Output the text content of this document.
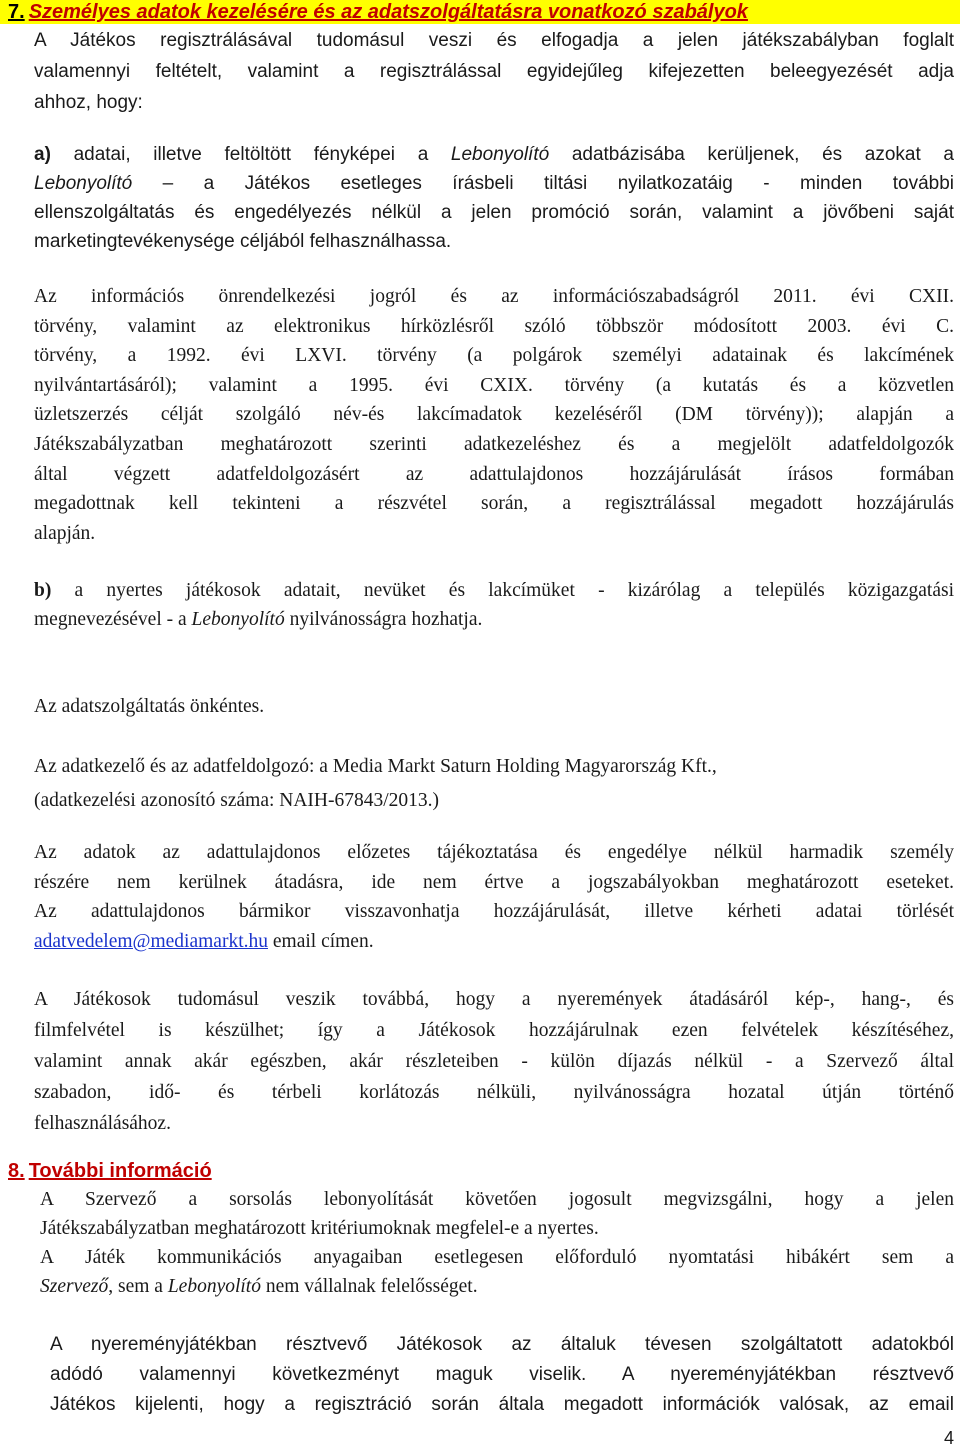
7. Személyes adatok kezelésére és az adatszolgáltatásra vonatkozó szabályok
A Játékos regisztrálásával tudomásul veszi és elfogadja a jelen játékszabályban foglalt
valamennyi feltételt, valamint a regisztrálással egyidejűleg kifejezetten beleegyezését adja
ahhoz, hogy:
a) adatai, illetve feltöltött fényképei a Lebonyolító adatbázisába kerüljenek, és azokat a
Lebonyolító – a Játékos esetleges írásbeli tiltási nyilatkozatáig - minden további
ellenszolgáltatás és engedélyezés nélkül a jelen promóció során, valamint a jövőbeni saját
marketingtevékenysége céljából felhasználhassa.
Az információs önrendelkezési jogról és az információszabadságról 2011. évi CXII.
törvény, valamint az elektronikus hírközlésről szóló többször módosított 2003. évi C.
törvény, a 1992. évi LXVI. törvény (a polgárok személyi adatainak és lakcímének
nyilvántartásáról); valamint a 1995. évi CXIX. törvény (a kutatás és a közvetlen
üzletszerzés célját szolgáló név-és lakcímadatok kezeléséről (DM törvény)); alapján a
Játékszabályzatban meghatározott szerinti adatkezeléshez és a megjelölt adatfeldolgozók
által végzett adatfeldolgozásért az adattulajdonos hozzájárulását írásos formában
megadottnak kell tekinteni a részvétel során, a regisztrálással megadott hozzájárulás
alapján.
b) a nyertes játékosok adatait, nevüket és lakcímüket - kizárólag a település közigazgatási
megnevezésével - a Lebonyolító nyilvánosságra hozhatja.
Az adatszolgáltatás önkéntes.
Az adatkezelő és az adatfeldolgozó: a Media Markt Saturn Holding Magyarország Kft.,
(adatkezelési azonosító száma: NAIH-67843/2013.)
Az adatok az adattulajdonos előzetes tájékoztatása és engedélye nélkül harmadik személy
részére nem kerülnek átadásra, ide nem értve a jogszabályokban meghatározott eseteket.
Az adattulajdonos bármikor visszavonhatja hozzájárulását, illetve kérheti adatai törlését
adatvedelem@mediamarkt.hu email címen.
A Játékosok tudomásul veszik továbbá, hogy a nyeremények átadásáról kép-, hang-, és
filmfelvétel is készülhet; így a Játékosok hozzájárulnak ezen felvételek készítéséhez,
valamint annak akár egészben, akár részleteiben - külön díjazás nélkül - a Szervező által
szabadon, idő- és térbeli korlátozás nélküli, nyilvánosságra hozatal útján történő
felhasználásához.
8. További információ
A Szervező a sorsolás lebonyolítását követően jogosult megvizsgálni, hogy a jelen
Játékszabályzatban meghatározott kritériumoknak megfelel-e a nyertes.
A Játék kommunikációs anyagaiban esetlegesen előforduló nyomtatási hibákért sem a
Szervező, sem a Lebonyolító nem vállalnak felelősséget.
A nyereményjátékban résztvevő Játékosok az általuk tévesen szolgáltatott adatokból
adódó valamennyi következményt maguk viselik. A nyereményjátékban résztvevő
Játékos kijelenti, hogy a regisztráció során általa megadott információk valósak, az email
4
